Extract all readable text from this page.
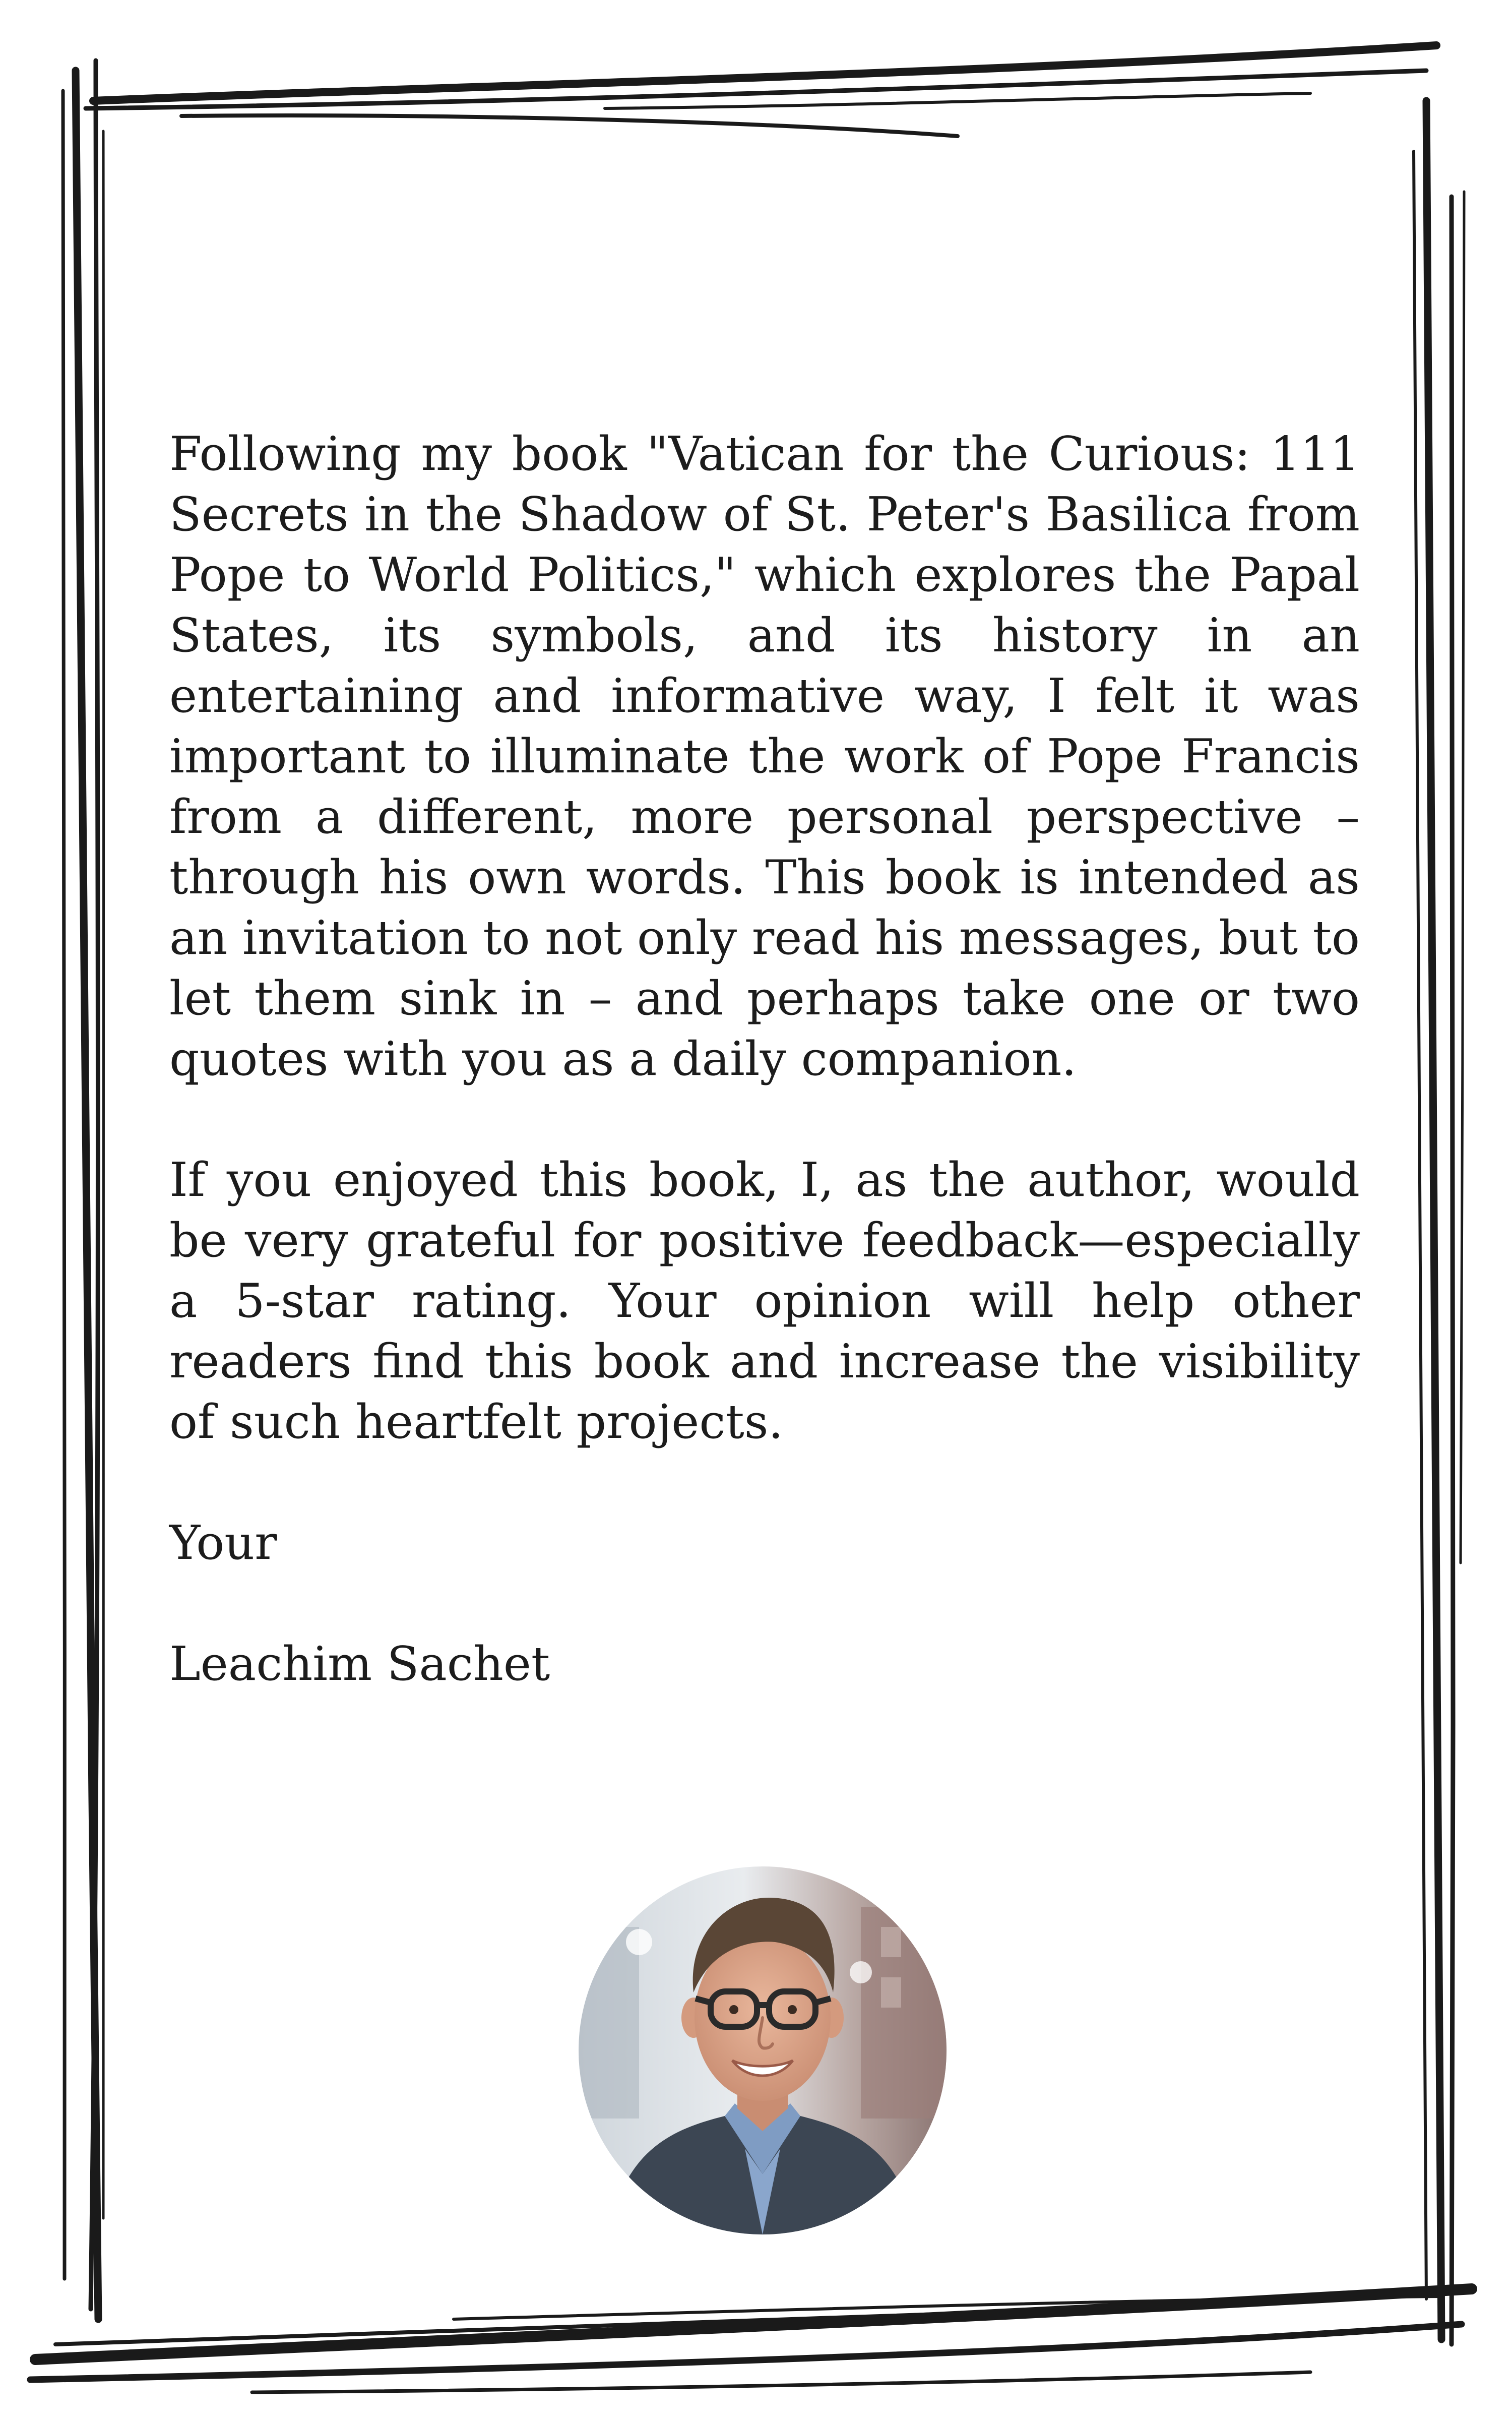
Following my book "Vatican for the Curious: 111 Secrets in the Shadow of St. Peter's Basilica from Pope to World Politics," which explores the Papal States, its symbols, and its history in an entertaining and informative way, I felt it was important to illuminate the work of Pope Francis from a different, more personal perspective – through his own words. This book is intended as an invitation to not only read his messages, but to let them sink in – and perhaps take one or two quotes with you as a daily companion.

If you enjoyed this book, I, as the author, would be very grateful for positive feedback—especially a 5-star rating. Your opinion will help other readers find this book and increase the visibility of such heartfelt projects.

Your

Leachim Sachet
